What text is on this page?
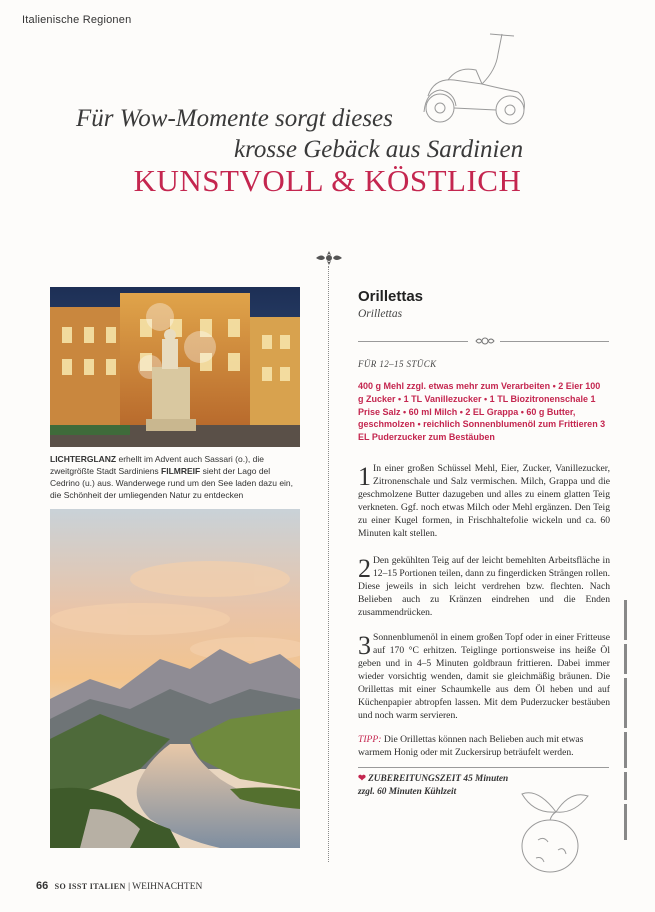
Italienische Regionen
Für Wow-Momente sorgt dieses
krosse Gebäck aus Sardinien
KUNSTVOLL & KÖSTLICH
LICHTERGLANZ erhellt im Advent auch Sassari (o.), die zweitgrößte Stadt Sardiniens FILMREIF sieht der Lago del Cedrino (u.) aus. Wanderwege rund um den See laden dazu ein, die Schönheit der umliegenden Natur zu entdecken
Orillettas
Orillettas
FÜR 12–15 STÜCK
400 g Mehl zzgl. etwas mehr zum Verarbeiten • 2 Eier 100 g Zucker • 1 TL Vanillezucker • 1 TL Biozitronenschale 1 Prise Salz • 60 ml Milch • 2 EL Grappa • 60 g Butter, geschmolzen • reichlich Sonnenblumenöl zum Frittieren 3 EL Puderzucker zum Bestäuben
1 In einer großen Schüssel Mehl, Eier, Zucker, Vanillezucker, Zitronenschale und Salz vermischen. Milch, Grappa und die geschmolzene Butter dazugeben und alles zu einem glatten Teig verkneten. Ggf. noch etwas Milch oder Mehl ergänzen. Den Teig zu einer Kugel formen, in Frischhaltefolie wickeln und ca. 60 Minuten kalt stellen.
2 Den gekühlten Teig auf der leicht bemehlten Arbeitsfläche in 12–15 Portionen teilen, dann zu fingerdicken Strängen rollen. Diese jeweils in sich leicht verdrehen bzw. flechten. Nach Belieben auch zu Kränzen eindrehen und die Enden zusammendrücken.
3 Sonnenblumenöl in einem großen Topf oder in einer Fritteuse auf 170 °C erhitzen. Teiglinge portionsweise ins heiße Öl geben und in 4–5 Minuten goldbraun frittieren. Dabei immer wieder vorsichtig wenden, damit sie gleichmäßig bräunen. Die Orillettas mit einer Schaumkelle aus dem Öl heben und auf Küchenpapier abtropfen lassen. Mit dem Puderzucker bestäuben und noch warm servieren.
TIPP: Die Orillettas können nach Belieben auch mit etwas warmem Honig oder mit Zuckersirup beträufelt werden.
❤ ZUBEREITUNGSZEIT 45 Minuten
zzgl. 60 Minuten Kühlzeit
66 SO ISST ITALIEN | WEIHNACHTEN
